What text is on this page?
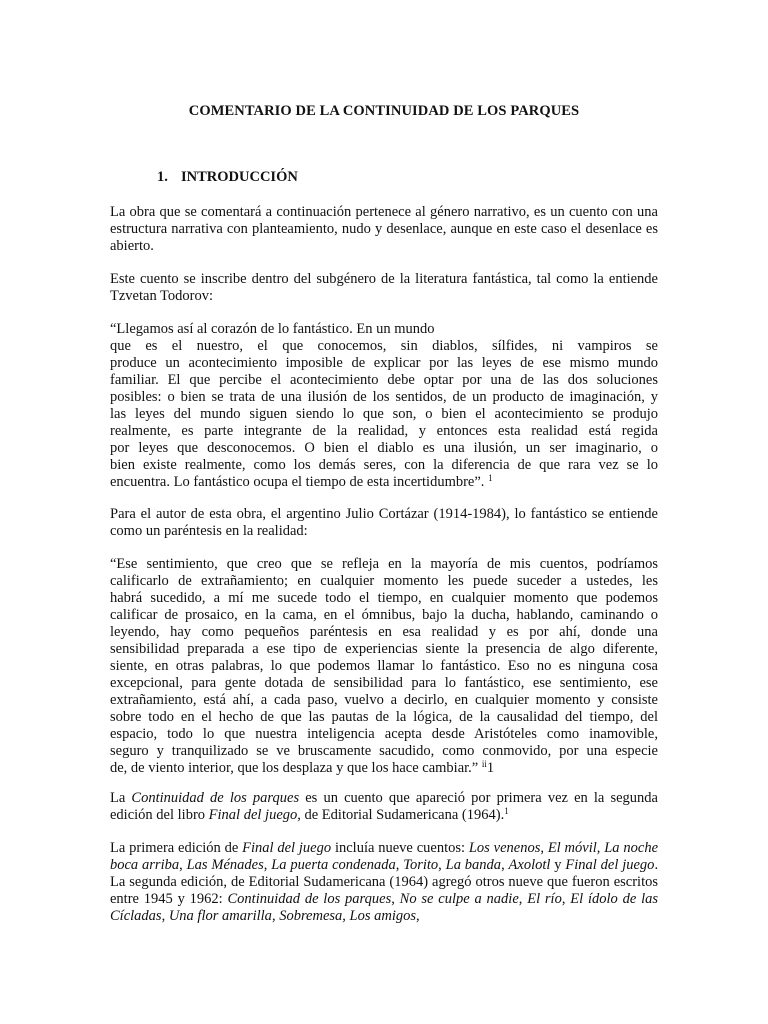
COMENTARIO DE LA CONTINUIDAD DE LOS PARQUES
1. INTRODUCCIÓN

La obra que se comentará a continuación pertenece al género narrativo, es un cuento con una estructura narrativa con planteamiento, nudo y desenlace, aunque en este caso el desenlace es abierto.

Este cuento se inscribe dentro del subgénero de la literatura fantástica, tal como la entiende Tzvetan Todorov:

“Llegamos así al corazón de lo fantástico. En un mundo
que es el nuestro, el que conocemos, sin diablos, sílfides, ni vampiros se
produce un acontecimiento imposible de explicar por las leyes de ese mismo mundo
familiar. El que percibe el acontecimiento debe optar por una de las dos soluciones
posibles: o bien se trata de una ilusión de los sentidos, de un producto de imaginación, y
las leyes del mundo siguen siendo lo que son, o bien el acontecimiento se produjo
realmente, es parte integrante de la realidad, y entonces esta realidad está regida
por leyes que desconocemos. O bien el diablo es una ilusión, un ser imaginario, o
bien existe realmente, como los demás seres, con la diferencia de que rara vez se lo
encuentra. Lo fantástico ocupa el tiempo de esta incertidumbre”. $^1$

Para el autor de esta obra, el argentino Julio Cortázar (1914-1984), lo fantástico se entiende como un paréntesis en la realidad:

“Ese sentimiento, que creo que se refleja en la mayoría de mis cuentos, podríamos
calificarlo de extrañamiento; en cualquier momento les puede suceder a ustedes, les
habrá sucedido, a mí me sucede todo el tiempo, en cualquier momento que podemos
calificar de prosaico, en la cama, en el ómnibus, bajo la ducha, hablando, caminando o
leyendo, hay como pequeños paréntesis en esa realidad y es por ahí, donde una
sensibilidad preparada a ese tipo de experiencias siente la presencia de algo diferente,
siente, en otras palabras, lo que podemos llamar lo fantástico. Eso no es ninguna cosa
excepcional, para gente dotada de sensibilidad para lo fantástico, ese sentimiento, ese
extrañamiento, está ahí, a cada paso, vuelvo a decirlo, en cualquier momento y consiste
sobre todo en el hecho de que las pautas de la lógica, de la causalidad del tiempo, del
espacio, todo lo que nuestra inteligencia acepta desde Aristóteles como inamovible,
seguro y tranquilizado se ve bruscamente sacudido, como conmovido, por una especie
de, de viento interior, que los desplaza y que los hace cambiar.” $^{ii}$1

La Continuidad de los parques es un cuento que apareció por primera vez en la segunda edición del libro Final del juego, de Editorial Sudamericana (1964).$^1$

La primera edición de Final del juego incluía nueve cuentos: Los venenos, El móvil, La noche boca arriba, Las Ménades, La puerta condenada, Torito, La banda, Axolotl y Final del juego. La segunda edición, de Editorial Sudamericana (1964) agregó otros nueve que fueron escritos entre 1945 y 1962: Continuidad de los parques, No se culpe a nadie, El río, El ídolo de las Cícladas, Una flor amarilla, Sobremesa, Los amigos,
